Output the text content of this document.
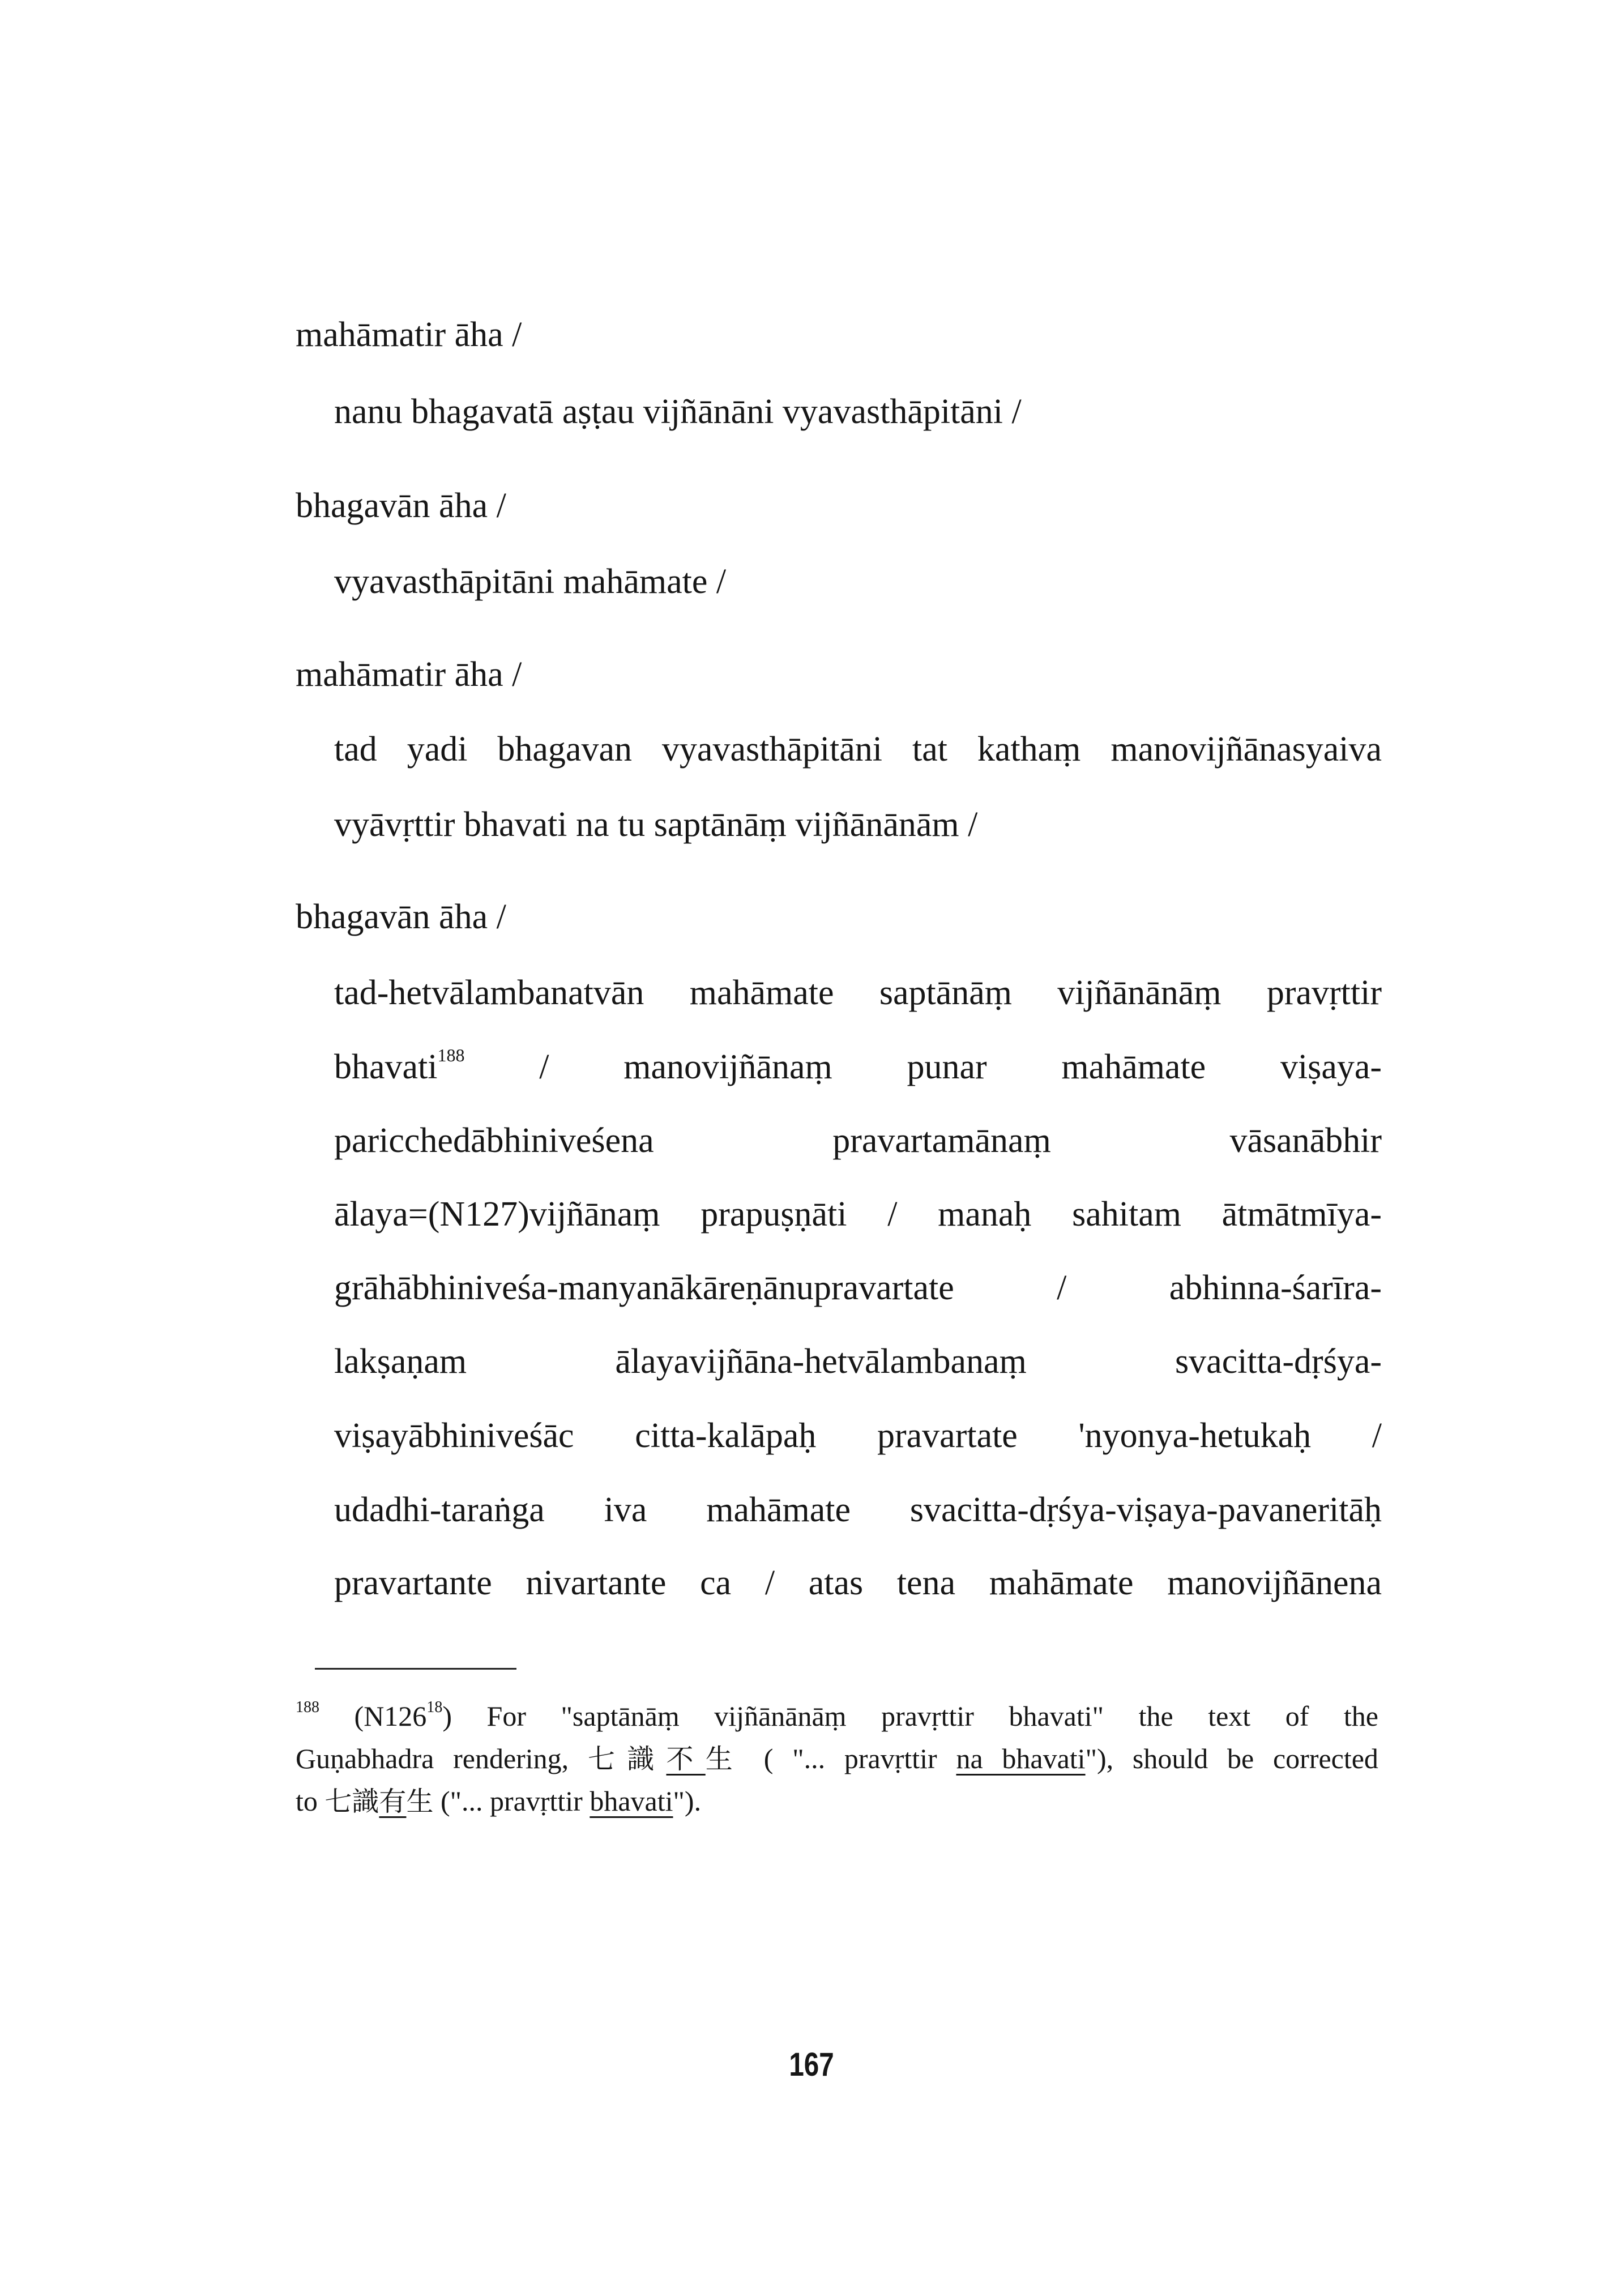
mahāmatir āha /
nanu bhagavatā aṣṭau vijñānāni vyavasthāpitāni /
bhagavān āha /
vyavasthāpitāni mahāmate /
mahāmatir āha /
tad yadi bhagavan vyavasthāpitāni tat kathaṃ manovijñānasyaiva
vyāvṛttir bhavati na tu saptānāṃ vijñānānām /
bhagavān āha /
tad-hetvālambanatvān mahāmate saptānāṃ vijñānānāṃ pravṛttir
bhavati$^{188}$ / manovijñānaṃ punar mahāmate viṣaya-
paricchedābhiniveśena pravartamānaṃ vāsanābhir
ālaya=(N127)vijñānaṃ prapuṣṇāti / manaḥ sahitam ātmātmīya-
grāhābhiniveśa-manyanākāreṇānupravartate / abhinna-śarīra-
lakṣaṇam ālayavijñāna-hetvālambanaṃ svacitta-dṛśya-
viṣayābhiniveśāc citta-kalāpaḥ pravartate 'nyonya-hetukaḥ /
udadhi-taraṅga iva mahāmate svacitta-dṛśya-viṣaya-pavaneritāḥ
pravartante nivartante ca / atas tena mahāmate manovijñānena
$^{188}$ $(N126^{18})$ For "saptānāṃ vijñānānāṃ pravṛttir bhavati" the text of the
Guṇabhadra rendering, 七識不生 ( "... pravṛttir na bhavati"), should be corrected
to 七識有生 ("... pravṛttir bhavati").
167
